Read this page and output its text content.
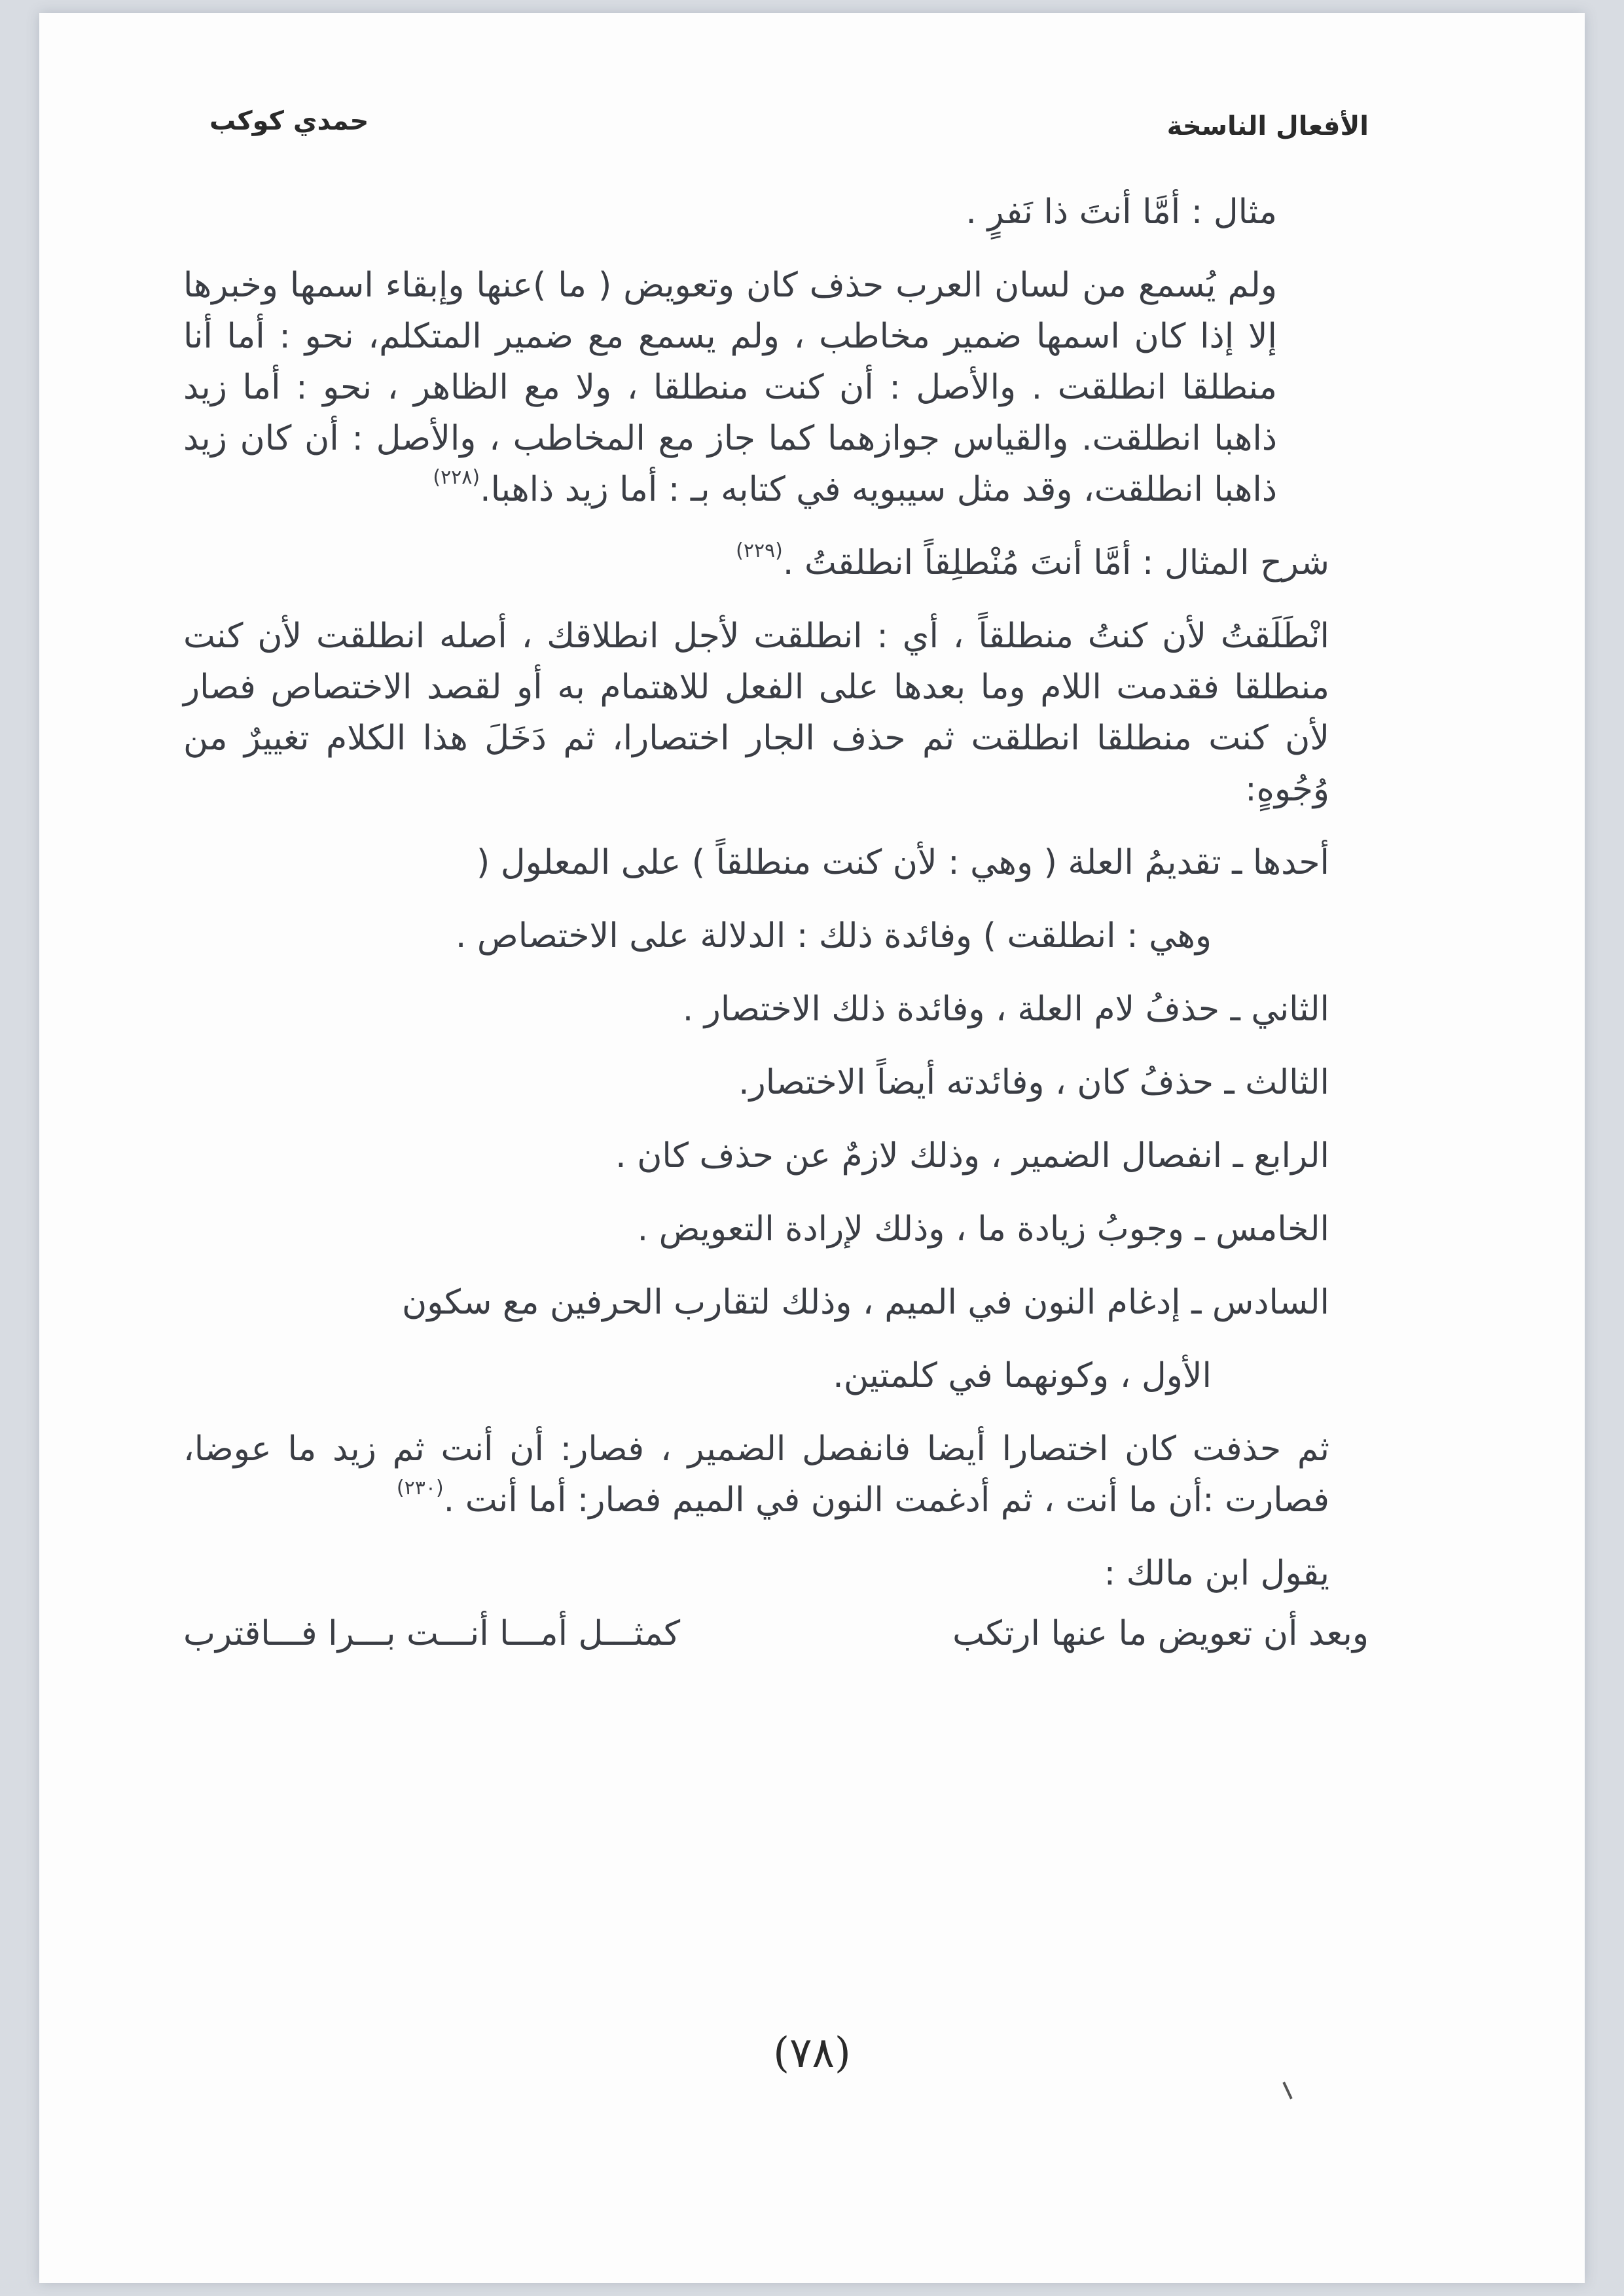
الأفعال الناسخة
حمدي كوكب

مثال : أمَّا أنتَ ذا نَفرٍ .

ولم يُسمع من لسان العرب حذف كان وتعويض ( ما )عنها وإبقاء اسمها وخبرها إلا إذا كان اسمها ضمير مخاطب ، ولم يسمع مع ضمير المتكلم، نحو : أما أنا منطلقا انطلقت . والأصل : أن كنت منطلقا ، ولا مع الظاهر ، نحو : أما زيد ذاهبا انطلقت. والقياس جوازهما كما جاز مع المخاطب ، والأصل : أن كان زيد ذاهبا انطلقت، وقد مثل سيبويه في كتابه بـ : أما زيد ذاهبا.$^{(٢٢٨)}$

شرح المثال : أمَّا أنتَ مُنْطلِقاً انطلقتُ .$^{(٢٢٩)}$

انْطَلَقتُ لأن كنتُ منطلقاً ، أي : انطلقت لأجل انطلاقك ، أصله انطلقت لأن كنت منطلقا فقدمت اللام وما بعدها على الفعل للاهتمام به أو لقصد الاختصاص فصار لأن كنت منطلقا انطلقت ثم حذف الجار اختصارا، ثم دَخَلَ هذا الكلام تغييرٌ من وُجُوهٍ:

أحدها ـ تقديمُ العلة ( وهي : لأن كنت منطلقاً ) على المعلول (

وهي : انطلقت ) وفائدة ذلك : الدلالة على الاختصاص .

الثاني ـ حذفُ لام العلة ، وفائدة ذلك الاختصار .

الثالث ـ حذفُ كان ، وفائدته أيضاً الاختصار.

الرابع ـ انفصال الضمير ، وذلك لازمٌ عن حذف كان .

الخامس ـ وجوبُ زيادة ما ، وذلك لإرادة التعويض .

السادس ـ إدغام النون في الميم ، وذلك لتقارب الحرفين مع سكون

الأول ، وكونهما في كلمتين.

ثم حذفت كان اختصارا أيضا فانفصل الضمير ، فصار: أن أنت ثم زيد ما عوضا، فصارت :أن ما أنت ، ثم أدغمت النون في الميم فصار: أما أنت .$^{(٢٣٠)}$

يقول ابن مالك :

وبعد أن تعويض ما عنها ارتكب
كمثـــل أمـــا أنـــت بـــرا فـــاقترب
(٧٨)
